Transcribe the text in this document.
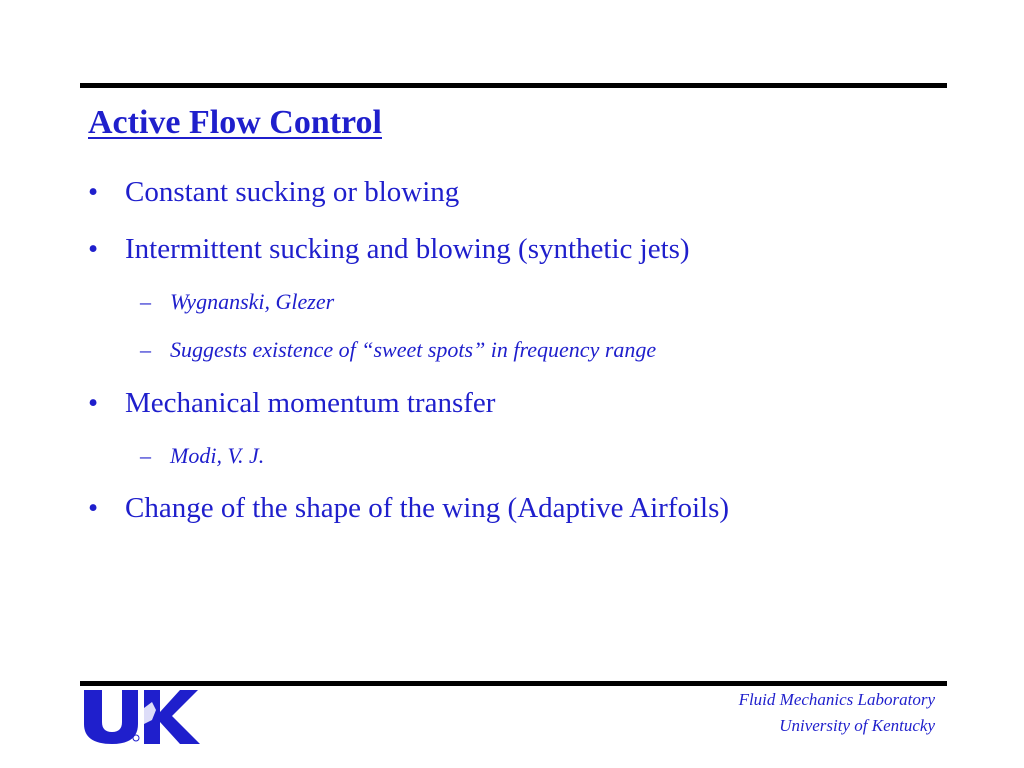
Active Flow Control
• Constant sucking or blowing
• Intermittent sucking and blowing (synthetic jets)
– Wygnanski, Glezer
– Suggests existence of “sweet spots” in frequency range
• Mechanical momentum transfer
– Modi, V. J.
• Change of the shape of the wing (Adaptive Airfoils)
Fluid Mechanics Laboratory
University of Kentucky
